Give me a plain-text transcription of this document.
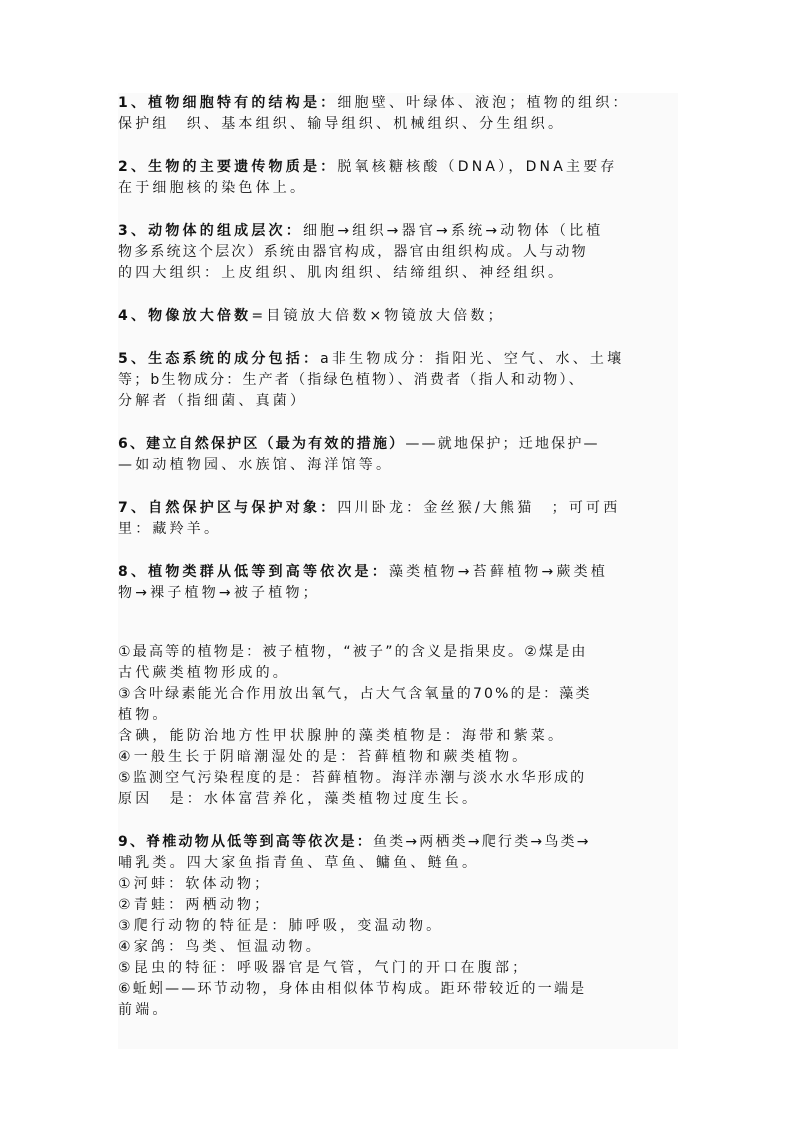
1、植物细胞特有的结构是：细胞壁、叶绿体、液泡；植物的组织：
保护组　织、基本组织、输导组织、机械组织、分生组织。
2、生物的主要遗传物质是：脱氧核糖核酸（DNA），DNA主要存
在于细胞核的染色体上。
3、动物体的组成层次：细胞→组织→器官→系统→动物体（比植
物多系统这个层次）系统由器官构成，器官由组织构成。人与动物
的四大组织：上皮组织、肌肉组织、结缔组织、神经组织。
4、物像放大倍数=目镜放大倍数×物镜放大倍数；
5、生态系统的成分包括：a非生物成分：指阳光、空气、水、土壤
等；b生物成分：生产者（指绿色植物）、消费者（指人和动物）、
分解者（指细菌、真菌）
6、建立自然保护区（最为有效的措施）——就地保护；迁地保护—
—如动植物园、水族馆、海洋馆等。
7、自然保护区与保护对象：四川卧龙：金丝猴/大熊猫　；可可西
里：藏羚羊。
8、植物类群从低等到高等依次是：藻类植物→苔藓植物→蕨类植
物→裸子植物→被子植物；
①最高等的植物是：被子植物，“被子”的含义是指果皮。②煤是由
古代蕨类植物形成的。
③含叶绿素能光合作用放出氧气，占大气含氧量的70%的是：藻类
植物。
含碘，能防治地方性甲状腺肿的藻类植物是：海带和紫菜。
④一般生长于阴暗潮湿处的是：苔藓植物和蕨类植物。
⑤监测空气污染程度的是：苔藓植物。海洋赤潮与淡水水华形成的
原因　是：水体富营养化，藻类植物过度生长。
9、脊椎动物从低等到高等依次是：鱼类→两栖类→爬行类→鸟类→
哺乳类。四大家鱼指青鱼、草鱼、鳙鱼、鲢鱼。
①河蚌：软体动物；
②青蛙：两栖动物；
③爬行动物的特征是：肺呼吸，变温动物。
④家鸽：鸟类、恒温动物。
⑤昆虫的特征：呼吸器官是气管，气门的开口在腹部；
⑥蚯蚓——环节动物，身体由相似体节构成。距环带较近的一端是
前端。
